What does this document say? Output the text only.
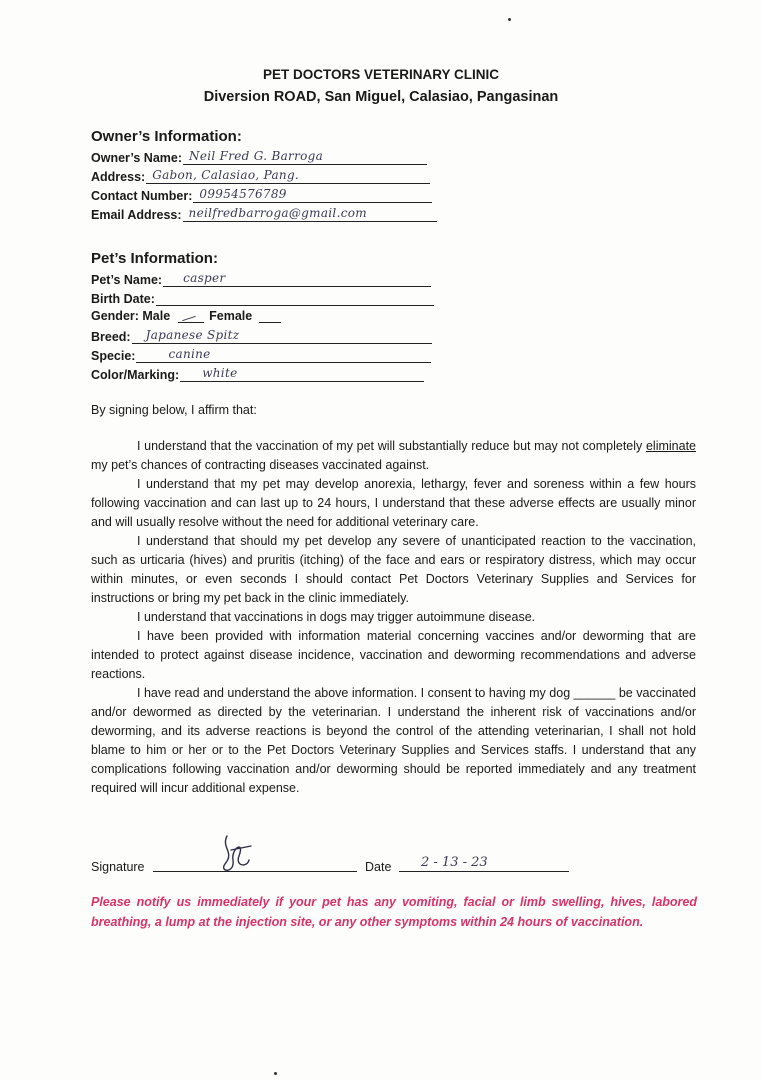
PET DOCTORS VETERINARY CLINIC
Diversion ROAD, San Miguel, Calasiao, Pangasinan
Owner’s Information:
Owner’s Name: Neil Fred G. Barroga
Address: Gabon, Calasiao, Pang.
Contact Number: 09954576789
Email Address: neilfredbarroga@gmail.com
Pet’s Information:
Pet’s Name: casper
Birth Date:
Gender: Male	Female
Breed: Japanese Spitz
Specie:	canine
Color/Marking: white
By signing below, I affirm that:

I understand that the vaccination of my pet will substantially reduce but may not completely eliminate my pet’s chances of contracting diseases vaccinated against.

I understand that my pet may develop anorexia, lethargy, fever and soreness within a few hours following vaccination and can last up to 24 hours, I understand that these adverse effects are usually minor and will usually resolve without the need for additional veterinary care.

I understand that should my pet develop any severe of unanticipated reaction to the vaccination, such as urticaria (hives) and pruritis (itching) of the face and ears or respiratory distress, which may occur within minutes, or even seconds I should contact Pet Doctors Veterinary Supplies and Services for instructions or bring my pet back in the clinic immediately.

I understand that vaccinations in dogs may trigger autoimmune disease.

I have been provided with information material concerning vaccines and/or deworming that are intended to protect against disease incidence, vaccination and deworming recommendations and adverse reactions.

I have read and understand the above information. I consent to having my dog ______ be vaccinated and/or dewormed as directed by the veterinarian. I understand the inherent risk of vaccinations and/or deworming, and its adverse reactions is beyond the control of the attending veterinarian, I shall not hold blame to him or her or to the Pet Doctors Veterinary Supplies and Services staffs. I understand that any complications following vaccination and/or deworming should be reported immediately and any treatment required will incur additional expense.

Signature	Date 2 - 13 - 23
Please notify us immediately if your pet has any vomiting, facial or limb swelling, hives, labored breathing, a lump at the injection site, or any other symptoms within 24 hours of vaccination.
